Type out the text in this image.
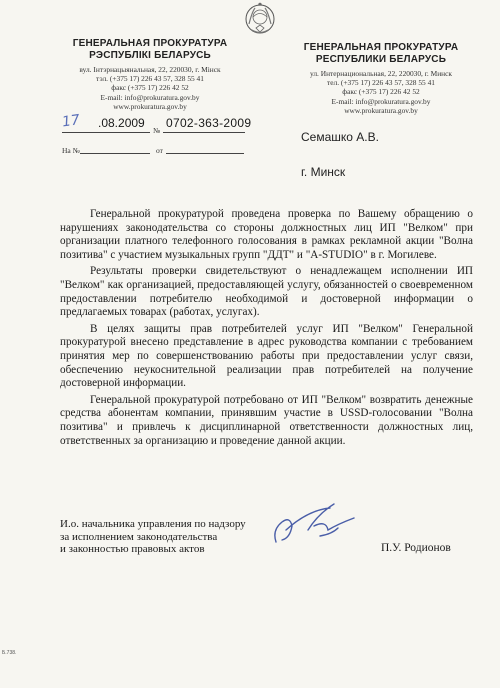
ГЕНЕРАЛЬНАЯ ПРОКУРАТУРА
РЭСПУБЛІКІ БЕЛАРУСЬ
вул. Інтэрнацыянальная, 22, 220030, г. Мінск
тэл. (+375 17) 226 43 57, 328 55 41
факс (+375 17) 226 42 52
E-mail: info@prokuratura.gov.by
www.prokuratura.gov.by
ГЕНЕРАЛЬНАЯ ПРОКУРАТУРА
РЕСПУБЛИКИ БЕЛАРУСЬ
ул. Интернациональная, 22, 220030, г. Минск
тел. (+375 17) 226 43 57, 328 55 41
факс (+375 17) 226 42 52
E-mail: info@prokuratura.gov.by
www.prokuratura.gov.by
17	.08.2009 0702-363-2009
№
На №	от
Семашко А.В.
г. Минск

Генеральной прокуратурой проведена проверка по Вашему обращению о нарушениях законодательства со стороны должностных лиц ИП "Велком" при организации платного телефонного голосования в рамках рекламной акции "Волна позитива" с участием музыкальных групп "ДДТ" и "A-STUDIO" в г. Могилеве.

Результаты проверки свидетельствуют о ненадлежащем исполнении ИП "Велком" как организацией, предоставляющей услугу, обязанностей о своевременном предоставлении потребителю необходимой и достоверной информации о предлагаемых товарах (работах, услугах).

В целях защиты прав потребителей услуг ИП "Велком" Генеральной прокуратурой внесено представление в адрес руководства компании с требованием принятия мер по совершенствованию работы при предоставлении услуг связи, обеспечению неукоснительной реализации прав потребителей на получение достоверной информации.

Генеральной прокуратурой потребовано от ИП "Велком" возвратить денежные средства абонентам компании, принявшим участие в USSD-голосовании "Волна позитива" и привлечь к дисциплинарной ответственности должностных лиц, ответственных за организацию и проведение данной акции.

И.о. начальника управления по надзору
за исполнением законодательства
и законностью правовых актов	П.У. Родионов
Б.738.
